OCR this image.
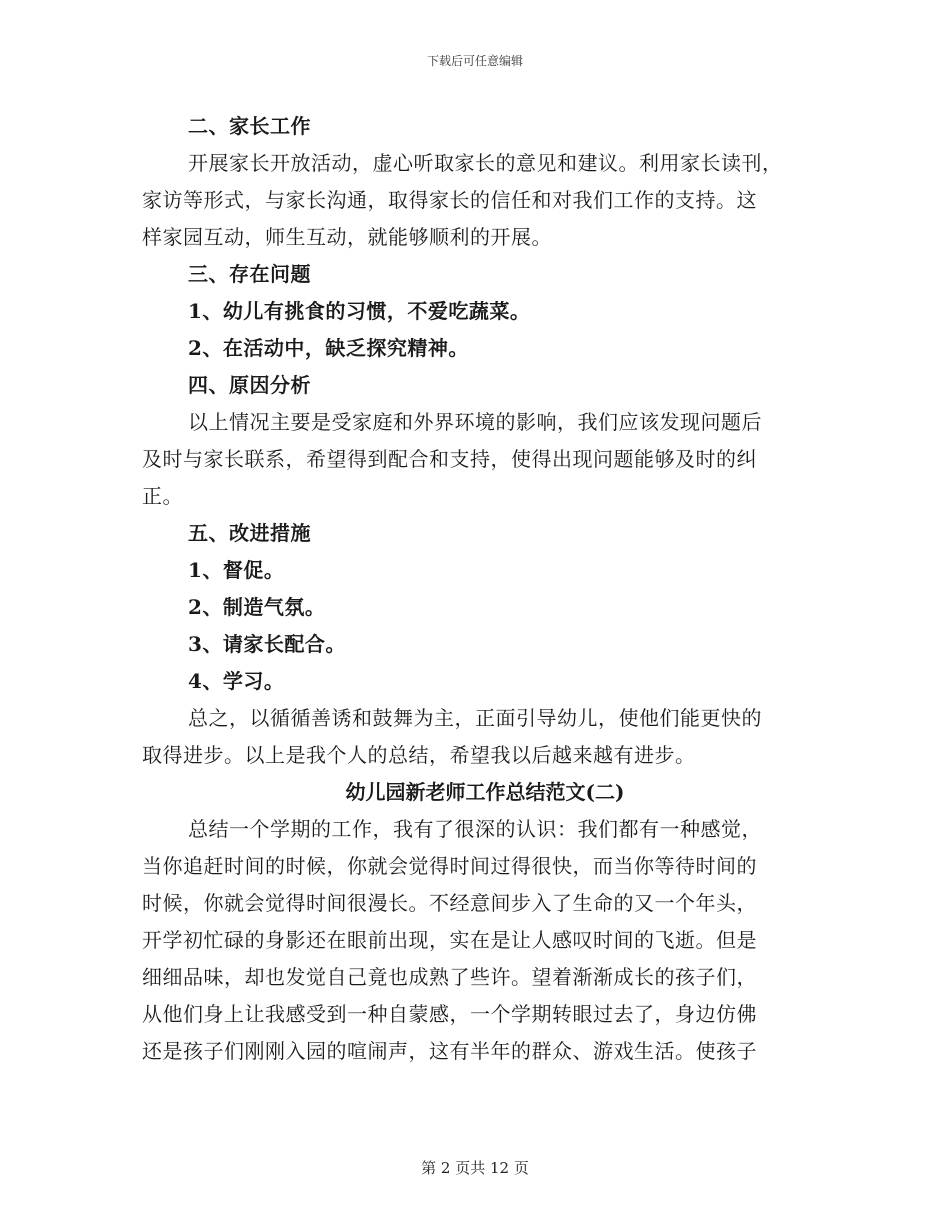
下载后可任意编辑
二、家长工作
开展家长开放活动，虚心听取家长的意见和建议。利用家长读刊，
家访等形式，与家长沟通，取得家长的信任和对我们工作的支持。这
样家园互动，师生互动，就能够顺利的开展。
三、存在问题
1、幼儿有挑食的习惯，不爱吃蔬菜。
2、在活动中，缺乏探究精神。
四、原因分析
以上情况主要是受家庭和外界环境的影响，我们应该发现问题后
及时与家长联系，希望得到配合和支持，使得出现问题能够及时的纠
正。
五、改进措施
1、督促。
2、制造气氛。
3、请家长配合。
4、学习。
总之，以循循善诱和鼓舞为主，正面引导幼儿，使他们能更快的
取得进步。以上是我个人的总结，希望我以后越来越有进步。
幼儿园新老师工作总结范文(二)
总结一个学期的工作，我有了很深的认识：我们都有一种感觉，
当你追赶时间的时候，你就会觉得时间过得很快，而当你等待时间的
时候，你就会觉得时间很漫长。不经意间步入了生命的又一个年头，
开学初忙碌的身影还在眼前出现，实在是让人感叹时间的飞逝。但是
细细品味，却也发觉自己竟也成熟了些许。望着渐渐成长的孩子们，
从他们身上让我感受到一种自蒙感，一个学期转眼过去了，身边仿佛
还是孩子们刚刚入园的喧闹声，这有半年的群众、游戏生活。使孩子
第 2 页共 12 页
